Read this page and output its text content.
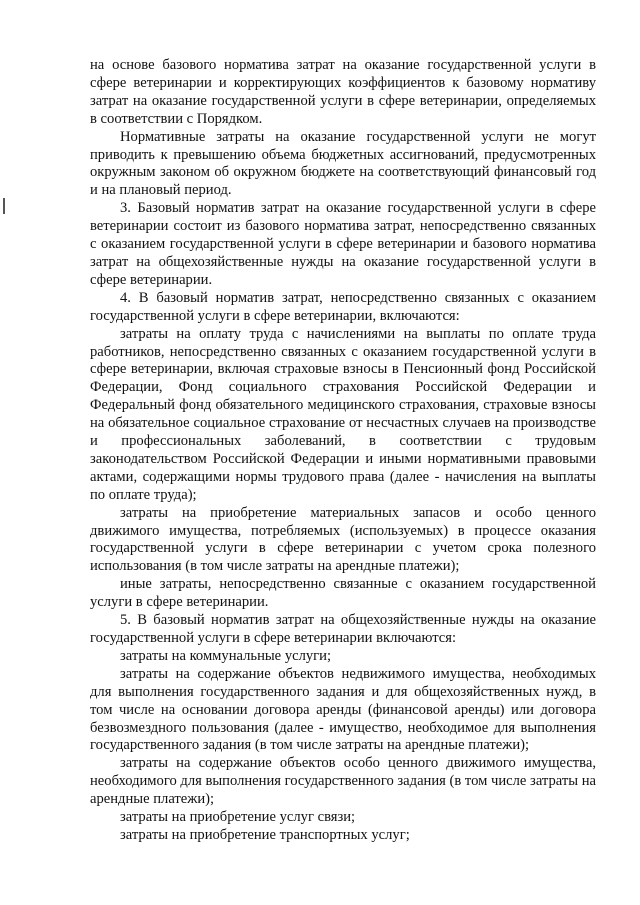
на основе базового норматива затрат на оказание государственной услуги в сфере ветеринарии и корректирующих коэффициентов к базовому нормативу затрат на оказание государственной услуги в сфере ветеринарии, определяемых в соответствии с Порядком.

Нормативные затраты на оказание государственной услуги не могут приводить к превышению объема бюджетных ассигнований, предусмотренных окружным законом об окружном бюджете на соответствующий финансовый год и на плановый период.

3. Базовый норматив затрат на оказание государственной услуги в сфере ветеринарии состоит из базового норматива затрат, непосредственно связанных с оказанием государственной услуги в сфере ветеринарии и базового норматива затрат на общехозяйственные нужды на оказание государственной услуги в сфере ветеринарии.

4. В базовый норматив затрат, непосредственно связанных с оказанием государственной услуги в сфере ветеринарии, включаются:

затраты на оплату труда с начислениями на выплаты по оплате труда работников, непосредственно связанных с оказанием государственной услуги в сфере ветеринарии, включая страховые взносы в Пенсионный фонд Российской Федерации, Фонд социального страхования Российской Федерации и Федеральный фонд обязательного медицинского страхования, страховые взносы на обязательное социальное страхование от несчастных случаев на производстве и профессиональных заболеваний, в соответствии с трудовым законодательством Российской Федерации и иными нормативными правовыми актами, содержащими нормы трудового права (далее - начисления на выплаты по оплате труда);

затраты на приобретение материальных запасов и особо ценного движимого имущества, потребляемых (используемых) в процессе оказания государственной услуги в сфере ветеринарии с учетом срока полезного использования (в том числе затраты на арендные платежи);

иные затраты, непосредственно связанные с оказанием государственной услуги в сфере ветеринарии.

5. В базовый норматив затрат на общехозяйственные нужды на оказание государственной услуги в сфере ветеринарии включаются:

затраты на коммунальные услуги;

затраты на содержание объектов недвижимого имущества, необходимых для выполнения государственного задания и для общехозяйственных нужд, в том числе на основании договора аренды (финансовой аренды) или договора безвозмездного пользования (далее - имущество, необходимое для выполнения государственного задания (в том числе затраты на арендные платежи);

затраты на содержание объектов особо ценного движимого имущества, необходимого для выполнения государственного задания (в том числе затраты на арендные платежи);

затраты на приобретение услуг связи;

затраты на приобретение транспортных услуг;
